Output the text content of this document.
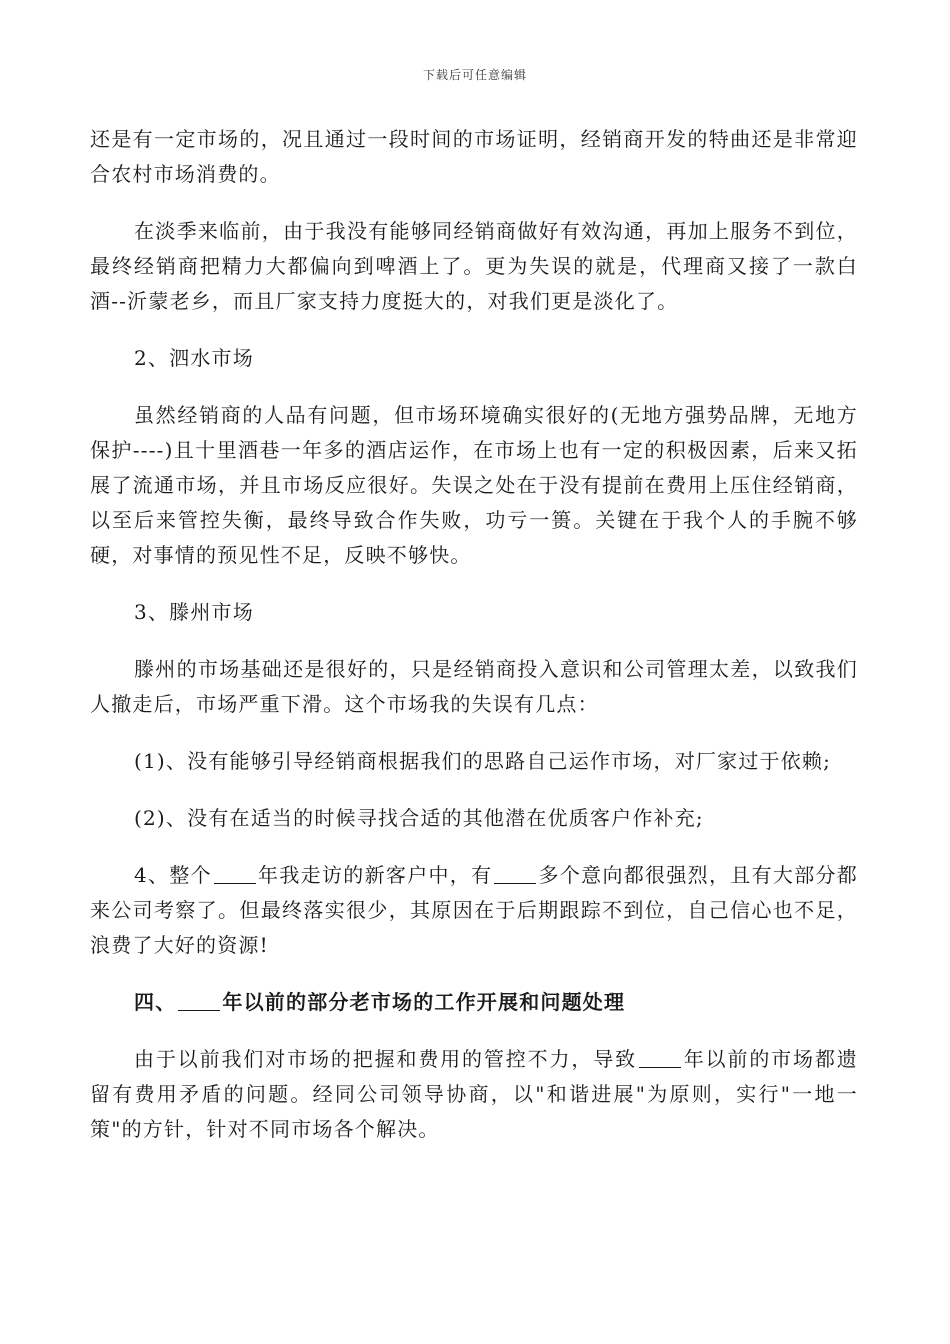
下载后可任意编辑

还是有一定市场的，况且通过一段时间的市场证明，经销商开发的特曲还是非常迎合农村市场消费的。

在淡季来临前，由于我没有能够同经销商做好有效沟通，再加上服务不到位，最终经销商把精力大都偏向到啤酒上了。更为失误的就是，代理商又接了一款白酒--沂蒙老乡，而且厂家支持力度挺大的，对我们更是淡化了。

2、泗水市场

虽然经销商的人品有问题，但市场环境确实很好的(无地方强势品牌，无地方保护----)且十里酒巷一年多的酒店运作，在市场上也有一定的积极因素，后来又拓展了流通市场，并且市场反应很好。失误之处在于没有提前在费用上压住经销商，以至后来管控失衡，最终导致合作失败，功亏一篑。关键在于我个人的手腕不够硬，对事情的预见性不足，反映不够快。

3、滕州市场

滕州的市场基础还是很好的，只是经销商投入意识和公司管理太差，以致我们人撤走后，市场严重下滑。这个市场我的失误有几点：

(1)、没有能够引导经销商根据我们的思路自己运作市场，对厂家过于依赖;

(2)、没有在适当的时候寻找合适的其他潜在优质客户作补充;

4、整个 年我走访的新客户中，有 多个意向都很强烈，且有大部分都来公司考察了。但最终落实很少，其原因在于后期跟踪不到位，自己信心也不足，浪费了大好的资源!

四、 年以前的部分老市场的工作开展和问题处理

由于以前我们对市场的把握和费用的管控不力，导致 年以前的市场都遗留有费用矛盾的问题。经同公司领导协商，以"和谐进展"为原则，实行"一地一策"的方针，针对不同市场各个解决。
